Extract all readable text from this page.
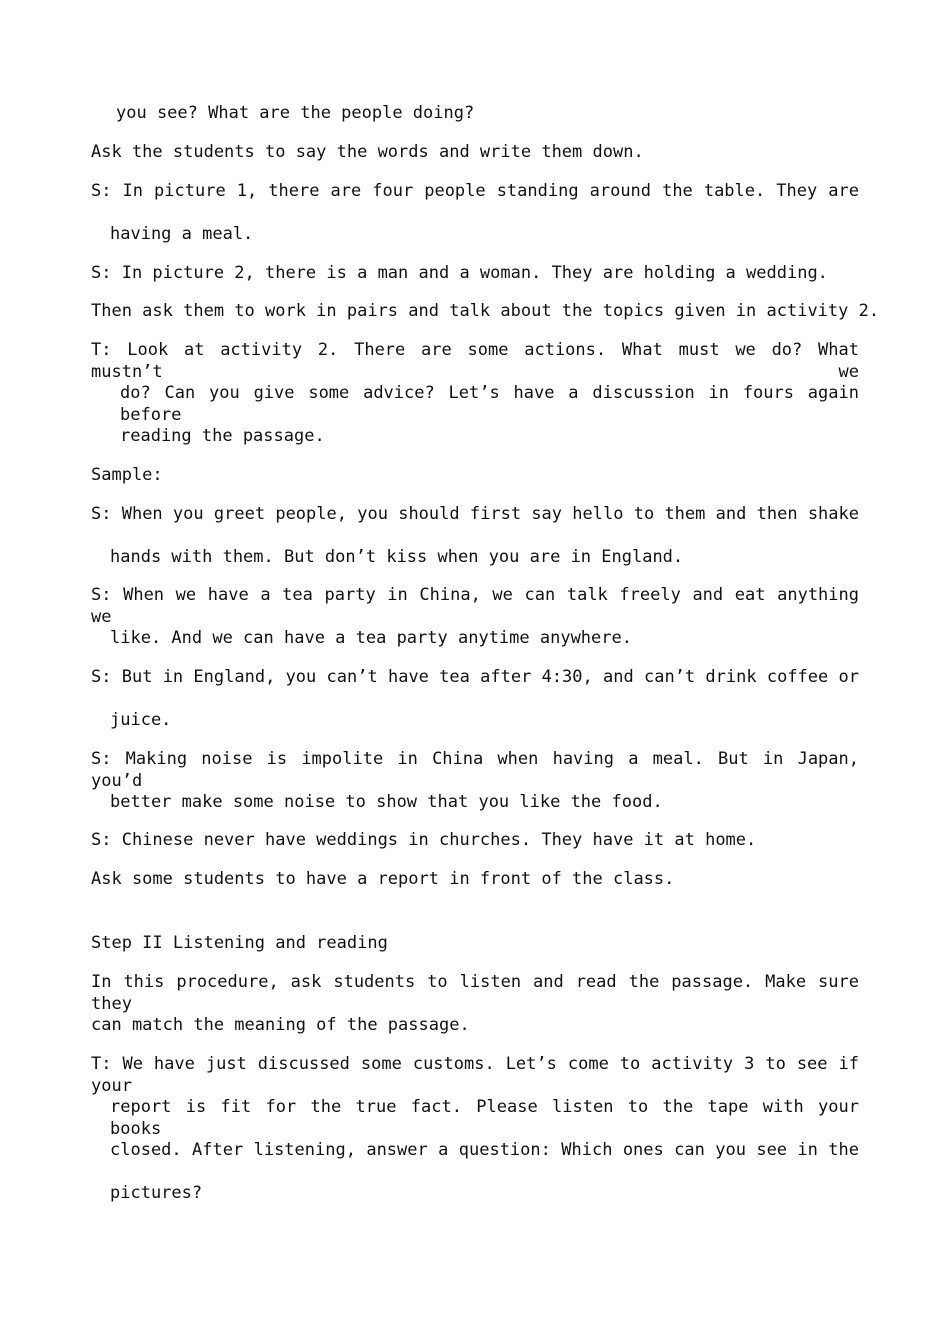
you see? What are the people doing?
Ask the students to say the words and write them down.
S: In picture 1, there are four people standing around the table. They are
having a meal.
S: In picture 2, there is a man and a woman. They are holding a wedding.
Then ask them to work in pairs and talk about the topics given in activity 2.
T: Look at activity 2. There are some actions. What must we do? What mustn’t we
do? Can you give some advice? Let’s have a discussion in fours again before
reading the passage.
Sample:
S: When you greet people, you should first say hello to them and then shake
hands with them. But don’t kiss when you are in England.
S: When we have a tea party in China, we can talk freely and eat anything we
like. And we can have a tea party anytime anywhere.
S: But in England, you can’t have tea after 4:30, and can’t drink coffee or
juice.
S: Making noise is impolite in China when having a meal. But in Japan, you’d
better make some noise to show that you like the food.
S: Chinese never have weddings in churches. They have it at home.
Ask some students to have a report in front of the class.
Step II Listening and reading
In this procedure, ask students to listen and read the passage. Make sure they
can match the meaning of the passage.
T: We have just discussed some customs. Let’s come to activity 3 to see if your
report is fit for the true fact. Please listen to the tape with your books
closed. After listening, answer a question: Which ones can you see in the
pictures?
